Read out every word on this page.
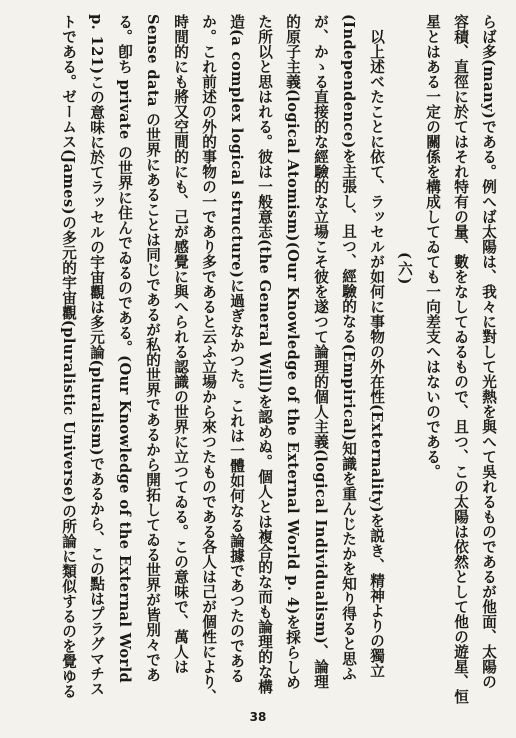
らば多(many)である。例へば太陽は、我々に對して光熱を與へて吳れるものであるが他面、太陽の容積、直徑に於てはそれ特有の量、數をなしてゐるもので、且つ、この太陽は依然として他の遊星、恒星とはある一定の關係を構成してゐても一向差支へはないのである。

(六)

以上述べたことに依て、ラッセルが如何に事物の外在性(Externality)を説き、精神よりの獨立(Independence)を主張し、且つ、經驗的なる(Empirical)知識を重んじたかを知り得ると思ふが、かゝる直接的な經驗的な立場こそ彼を遂つて論理的個人主義(logical Individualism)、論理的原子主義(logical Atomism)(Our Knowledge of the External World p. 4)を採らしめた所以と思はれる。彼は一般意志(the General Will)を認めぬ。個人とは複合的な而も論理的な構造(a complex logical structure)に過ぎなかつた。これは一體如何なる論據であつたのであるか。これ前述の外的事物の一であり多であると云ふ立場から來つたものである各人は己が個性により、時間的にも將又空間的にも、己が感覺に與へられる認識の世界に立つてゐる。この意味で、萬人は Sense data の世界にあることは同じであるが私的世界であるから開拓してゐる世界が皆別々である。卽ち private の世界に住んでゐるのである。(Our Knowledge of the External World p. 121)この意味に於てラッセルの宇宙觀は多元論(pluralism)であるから、この點はプラグマチストである。ゼームス(James)の多元的宇宙觀(pluralistic Universe)の所論に類似するのを覺ゆる

38
